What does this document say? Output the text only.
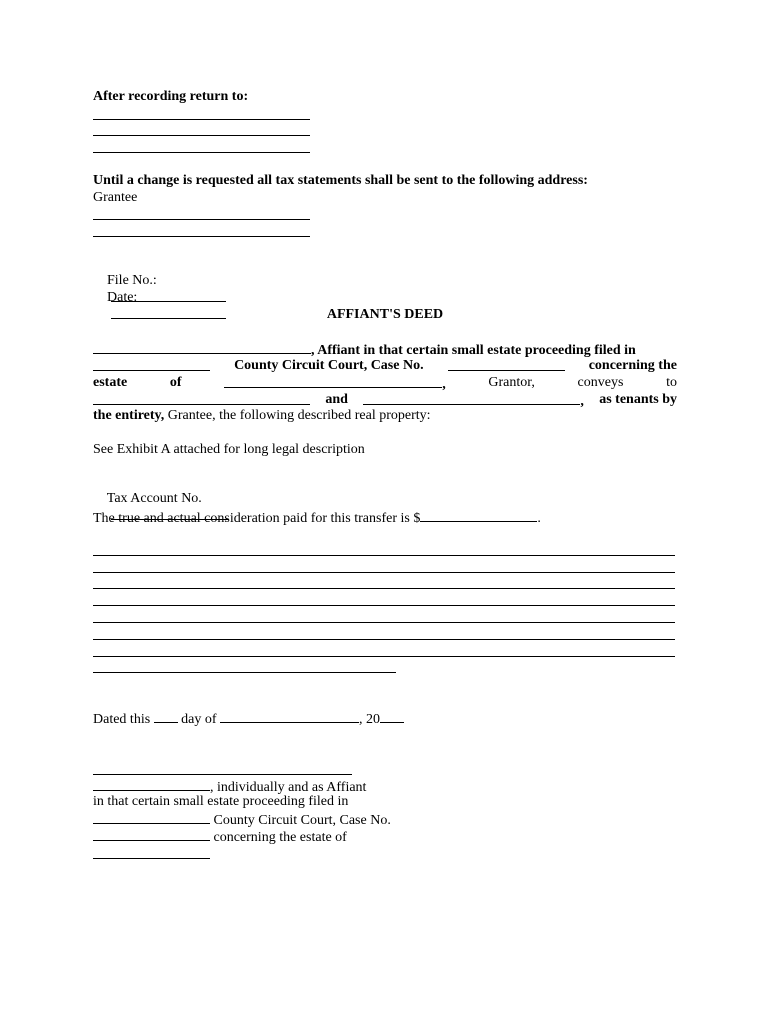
After recording return to:
Until a change is requested all tax statements shall be sent to the following address:
Grantee

File No.:

Date:

AFFIANT'S DEED
, Affiant in that certain small estate proceeding filed in
County Circuit Court, Case No.	concerning the
estate	of	,	Grantor,	conveys	to
and	, as tenants by
the entirety, Grantee, the following described real property:
See Exhibit A attached for long legal description

Tax Account No.

The true and actual consideration paid for this transfer is $	.
Dated this day of	, 20
, individually and as Affiant
in that certain small estate proceeding filed in
County Circuit Court, Case No.
concerning the estate of
